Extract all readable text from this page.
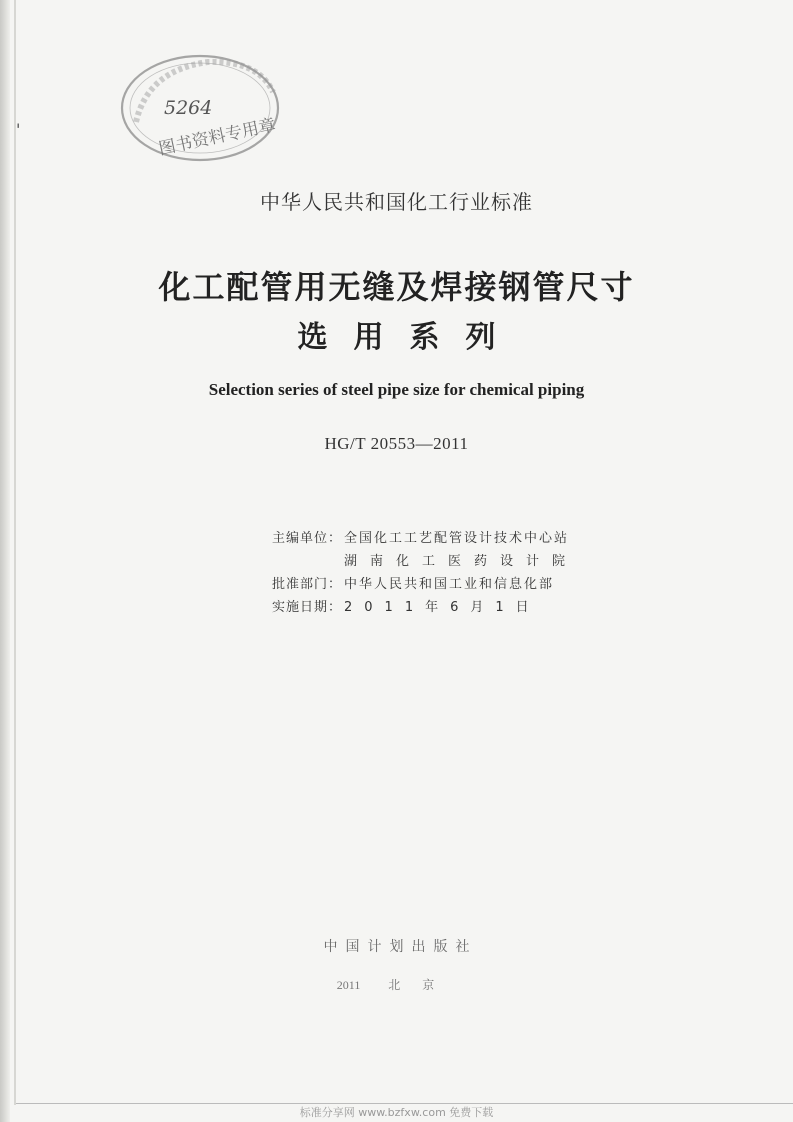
'
5264
图书资料专用章
中华人民共和国化工行业标准
化工配管用无缝及焊接钢管尺寸
选用系列
Selection series of steel pipe size for chemical piping
HG/T 20553—2011
主编单位： 全国化工工艺配管设计技术中心站
湖南化工医药设计院
批准部门： 中华人民共和国工业和信息化部
实施日期： 2011年6月1日
中国计划出版社
2011 北京
标准分享网 www.bzfxw.com 免费下载
